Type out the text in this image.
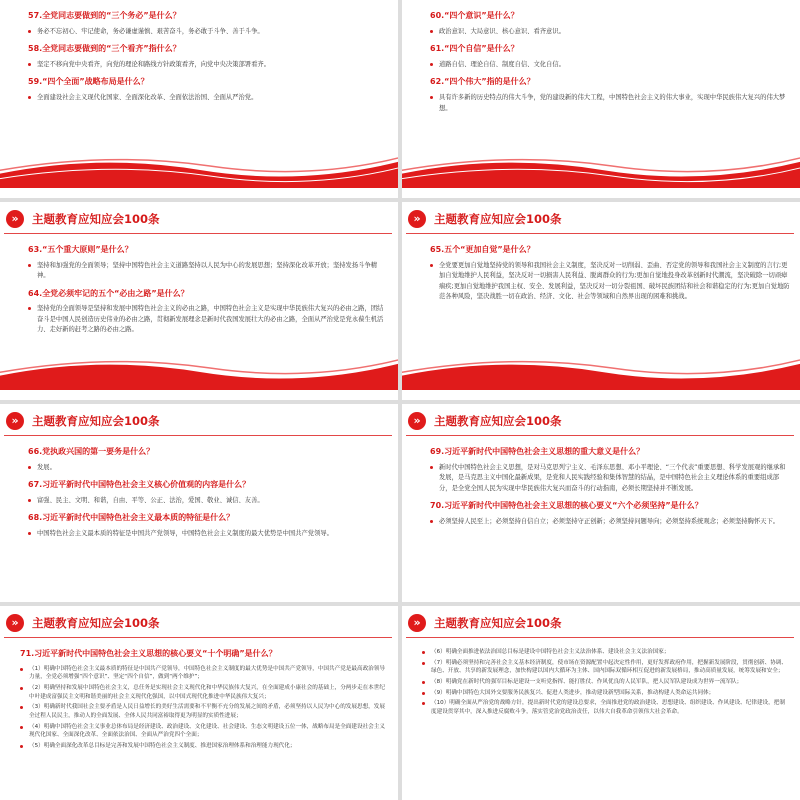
57.全党同志要做到的“三个务必”是什么？
务必不忘初心、牢记使命，务必谦虚谨慎、艰苦奋斗，务必敢于斗争、善于斗争。
58.全党同志要做到的“三个看齐”指什么？
坚定不移向党中央看齐，向党的理论和路线方针政策看齐，向党中央决策部署看齐。
59.“四个全面”战略布局是什么？
全面建设社会主义现代化国家、全面深化改革、全面依法治国、全面从严治党。
60.“四个意识”是什么？
政治意识、大局意识、核心意识、看齐意识。
61.“四个自信”是什么？
道路自信、理论自信、制度自信、文化自信。
62.“四个伟大”指的是什么？
具有许多新的历史特点的伟大斗争，党的建设新的伟大工程，中国特色社会主义的伟大事业，实现中华民族伟大复兴的伟大梦想。
»	主题教育应知应会100条
63.“五个重大原则”是什么？
坚持和加强党的全面领导；坚持中国特色社会主义道路坚持以人民为中心的发展思想；坚持深化改革开放；坚持发扬斗争精神。
64.全党必须牢记的五个“必由之路”是什么？
坚持党的全面领导是坚持和发展中国特色社会主义的必由之路，中国特色社会主义是实现中华民族伟大复兴的必由之路，团结奋斗是中国人民创造历史伟业的必由之路，贯彻新发展理念是新时代我国发展壮大的必由之路，全面从严治党是党永葆生机活力、走好新的赶考之路的必由之路。
»	主题教育应知应会100条
65.五个“更加自觉”是什么？
全党要更加自觉地坚持党的领导和我国社会主义制度，坚决反对一切削弱、歪曲、否定党的领导和我国社会主义制度的言行;更加自觉地维护人民利益，坚决反对一切损害人民利益、脱离群众的行为;更加自觉地投身改革创新时代潮流，坚决破除一切顽瘴痼疾;更加自觉地维护我国主权、安全、发展利益，坚决反对一切分裂祖国、破坏民族团结和社会和谐稳定的行为;更加自觉地防范各种风险，坚决战胜一切在政治、经济、文化、社会等领域和自然界出现的困难和挑战。
»	主题教育应知应会100条
66.党执政兴国的第一要务是什么？
发展。
67.习近平新时代中国特色社会主义核心价值观的内容是什么？
富强、民主、文明、和谐，自由、平等、公正、法治，爱国、敬业、诚信、友善。
68.习近平新时代中国特色社会主义最本质的特征是什么？
中国特色社会主义最本质的特征是中国共产党领导，中国特色社会主义制度的最大优势是中国共产党领导。
»	主题教育应知应会100条
69.习近平新时代中国特色社会主义思想的重大意义是什么？
新时代中国特色社会主义思想，是对马克思列宁主义、毛泽东思想、邓小平理论、“三个代表”重要思想、科学发展观的继承和发展，是马克思主义中国化最新成果，是党和人民实践经验和集体智慧的结晶，是中国特色社会主义理论体系的重要组成部分，是全党全国人民为实现中华民族伟大复兴而奋斗的行动指南，必须长期坚持并不断发展。
70.习近平新时代中国特色社会主义思想的核心要义“六个必须坚持”是什么？
必须坚持人民至上；必须坚持自信自立；必须坚持守正创新；必须坚持问题导向；必须坚持系统观念；必须坚持胸怀天下。
»	主题教育应知应会100条
71.习近平新时代中国特色社会主义思想的核心要义“十个明确”是什么？
（1）明确中国特色社会主义最本质的特征是中国共产党领导，中国特色社会主义制度的最大优势是中国共产党领导，中国共产党是最高政治领导力量，全党必须增强“四个意识”、坚定“四个自信”，做到“两个维护”；
（2）明确坚持和发展中国特色社会主义，总任务是实现社会主义现代化和中华民族伟大复兴，在全面建成小康社会的基础上，分两步走在本世纪中叶建成富强民主文明和谐美丽的社会主义现代化强国，以中国式现代化推进中华民族伟大复兴；
（3）明确新时代我国社会主要矛盾是人民日益增长的美好生活需要和不平衡不充分的发展之间的矛盾，必须坚持以人民为中心的发展思想，发展全过程人民民主，推动人的全面发展、全体人民共同富裕取得更为明显的实质性进展；
（4）明确中国特色社会主义事业总体布局是经济建设、政治建设、文化建设、社会建设、生态文明建设五位一体，战略布局是全面建设社会主义现代化国家、全面深化改革、全面依法治国、全面从严治党四个全面；
（5）明确全面深化改革总目标是完善和发展中国特色社会主义制度、推进国家治理体系和治理能力现代化；
»	主题教育应知应会100条
（6）明确全面推进依法治国总目标是建设中国特色社会主义法治体系、建设社会主义法治国家；
（7）明确必须坚持和完善社会主义基本经济制度，使市场在资源配置中起决定性作用，更好发挥政府作用，把握新发展阶段，贯彻创新、协调、绿色、开放、共享的新发展理念，加快构建以国内大循环为主体、国内国际双循环相互促进的新发展格局，推动高质量发展，统筹发展和安全；
（8）明确党在新时代的强军目标是建设一支听党指挥、能打胜仗、作风优良的人民军队，把人民军队建设成为世界一流军队；
（9）明确中国特色大国外交要服务民族复兴、促进人类进步，推动建设新型国际关系，推动构建人类命运共同体；
（10）明确全面从严治党的战略方针，提出新时代党的建设总要求，全面推进党的政治建设、思想建设、组织建设、作风建设、纪律建设，把制度建设贯穿其中，深入推进反腐败斗争，落实管党治党政治责任，以伟大自我革命引领伟大社会革命。
